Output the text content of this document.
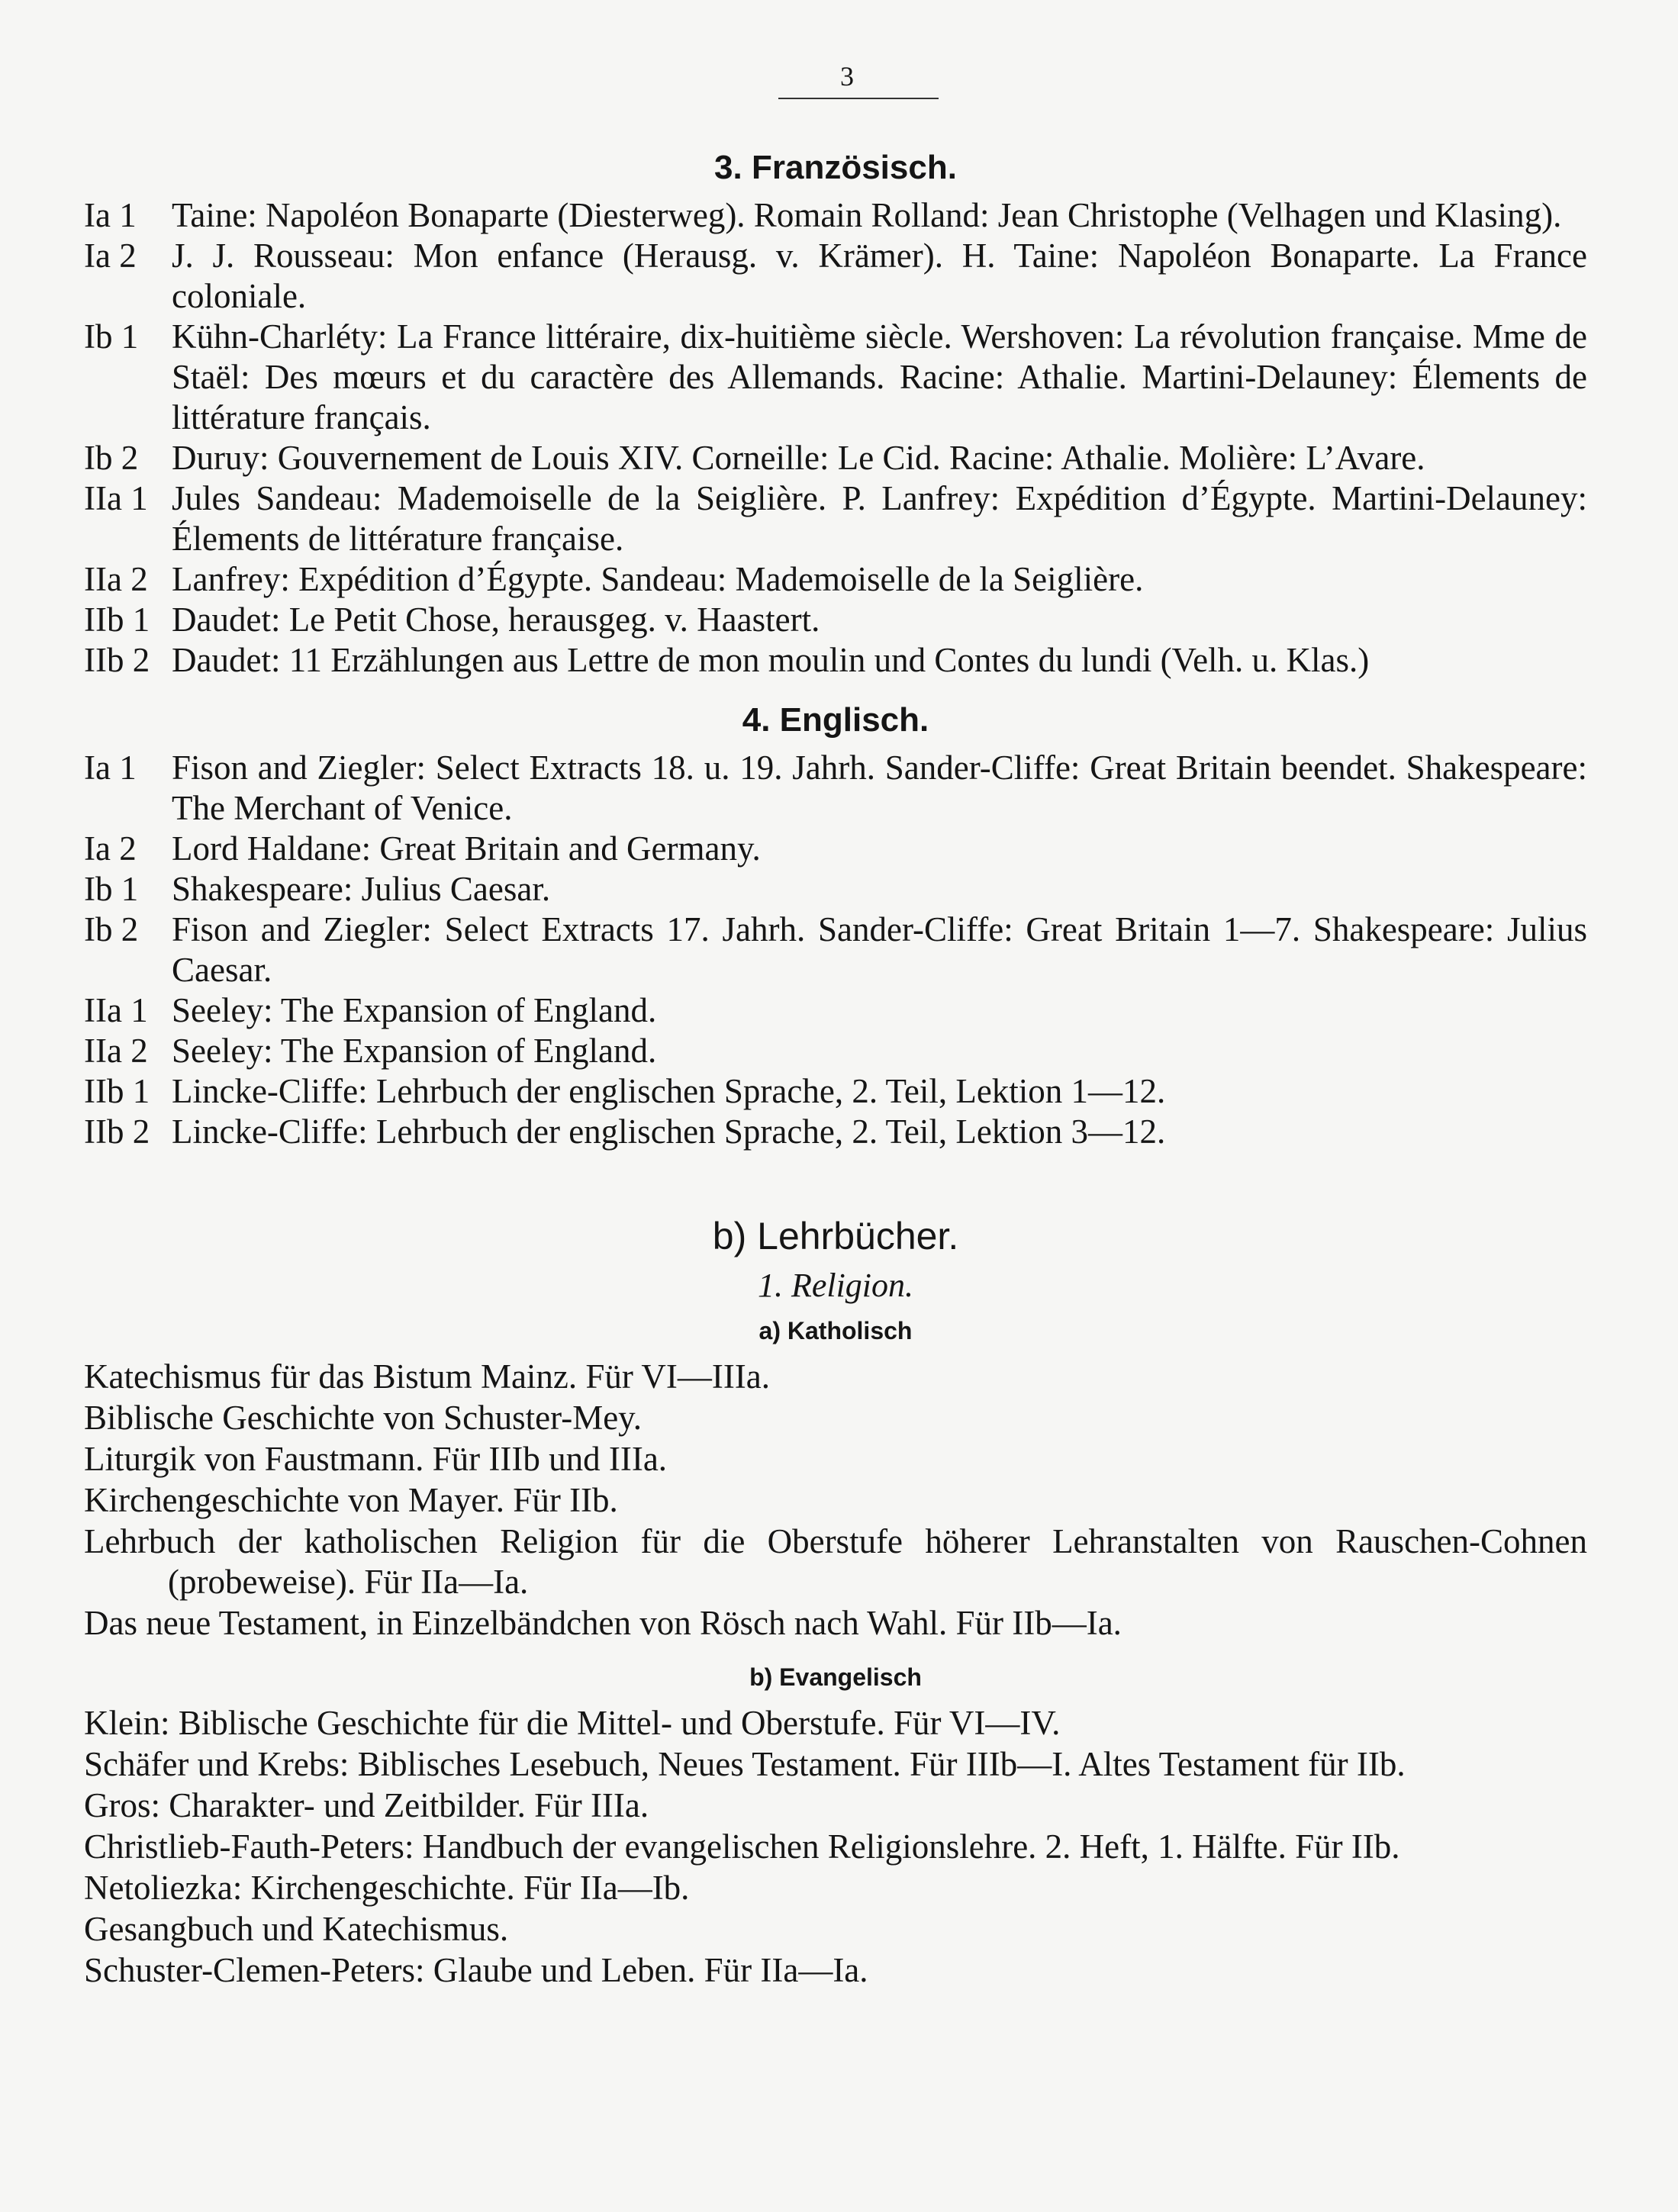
3
3. Französisch.
Ia 1	Taine: Napoléon Bonaparte (Diesterweg). Romain Rolland: Jean Christophe (Velhagen und Klasing).
Ia 2	J. J. Rousseau: Mon enfance (Herausg. v. Krämer). H. Taine: Napoléon Bonaparte. La France coloniale.
Ib 1 Kühn-Charléty: La France littéraire, dix-huitième siècle. Wershoven: La révolution française. Mme de Staël: Des mœurs et du caractère des Allemands. Racine: Athalie. Martini-Delauney: Élements de littérature français.
Ib 2 Duruy: Gouvernement de Louis XIV. Corneille: Le Cid. Racine: Athalie. Molière: L’Avare.
IIa 1 Jules Sandeau: Mademoiselle de la Seiglière. P. Lanfrey: Expédition d’Égypte. Martini-Delauney: Élements de littérature française.
IIa 2 Lanfrey: Expédition d’Égypte. Sandeau: Mademoiselle de la Seiglière.
IIb 1 Daudet: Le Petit Chose, herausgeg. v. Haastert.
IIb 2 Daudet: 11 Erzählungen aus Lettre de mon moulin und Contes du lundi (Velh. u. Klas.)
4. Englisch.
Ia 1	Fison and Ziegler: Select Extracts 18. u. 19. Jahrh. Sander-Cliffe: Great Britain beendet. Shakespeare: The Merchant of Venice.
Ia 2	Lord Haldane: Great Britain and Germany.
Ib 1 Shakespeare: Julius Caesar.
Ib 2 Fison and Ziegler: Select Extracts 17. Jahrh. Sander-Cliffe: Great Britain 1—7. Shakespeare: Julius Caesar.
IIa 1 Seeley: The Expansion of England.
IIa 2 Seeley: The Expansion of England.
IIb 1 Lincke-Cliffe: Lehrbuch der englischen Sprache, 2. Teil, Lektion 1—12.
IIb 2 Lincke-Cliffe: Lehrbuch der englischen Sprache, 2. Teil, Lektion 3—12.
b) Lehrbücher.
1. Religion.
a) Katholisch
Katechismus für das Bistum Mainz. Für VI—IIIa.
Biblische Geschichte von Schuster-Mey.
Liturgik von Faustmann. Für IIIb und IIIa.
Kirchengeschichte von Mayer. Für IIb.
Lehrbuch der katholischen Religion für die Oberstufe höherer Lehranstalten von Rauschen-Cohnen (probeweise). Für IIa—Ia.
Das neue Testament, in Einzelbändchen von Rösch nach Wahl. Für IIb—Ia.
b) Evangelisch
Klein: Biblische Geschichte für die Mittel- und Oberstufe. Für VI—IV.
Schäfer und Krebs: Biblisches Lesebuch, Neues Testament. Für IIIb—I. Altes Testament für IIb.
Gros: Charakter- und Zeitbilder. Für IIIa.
Christlieb-Fauth-Peters: Handbuch der evangelischen Religionslehre. 2. Heft, 1. Hälfte. Für IIb.
Netoliezka: Kirchengeschichte. Für IIa—Ib.
Gesangbuch und Katechismus.
Schuster-Clemen-Peters: Glaube und Leben. Für IIa—Ia.
